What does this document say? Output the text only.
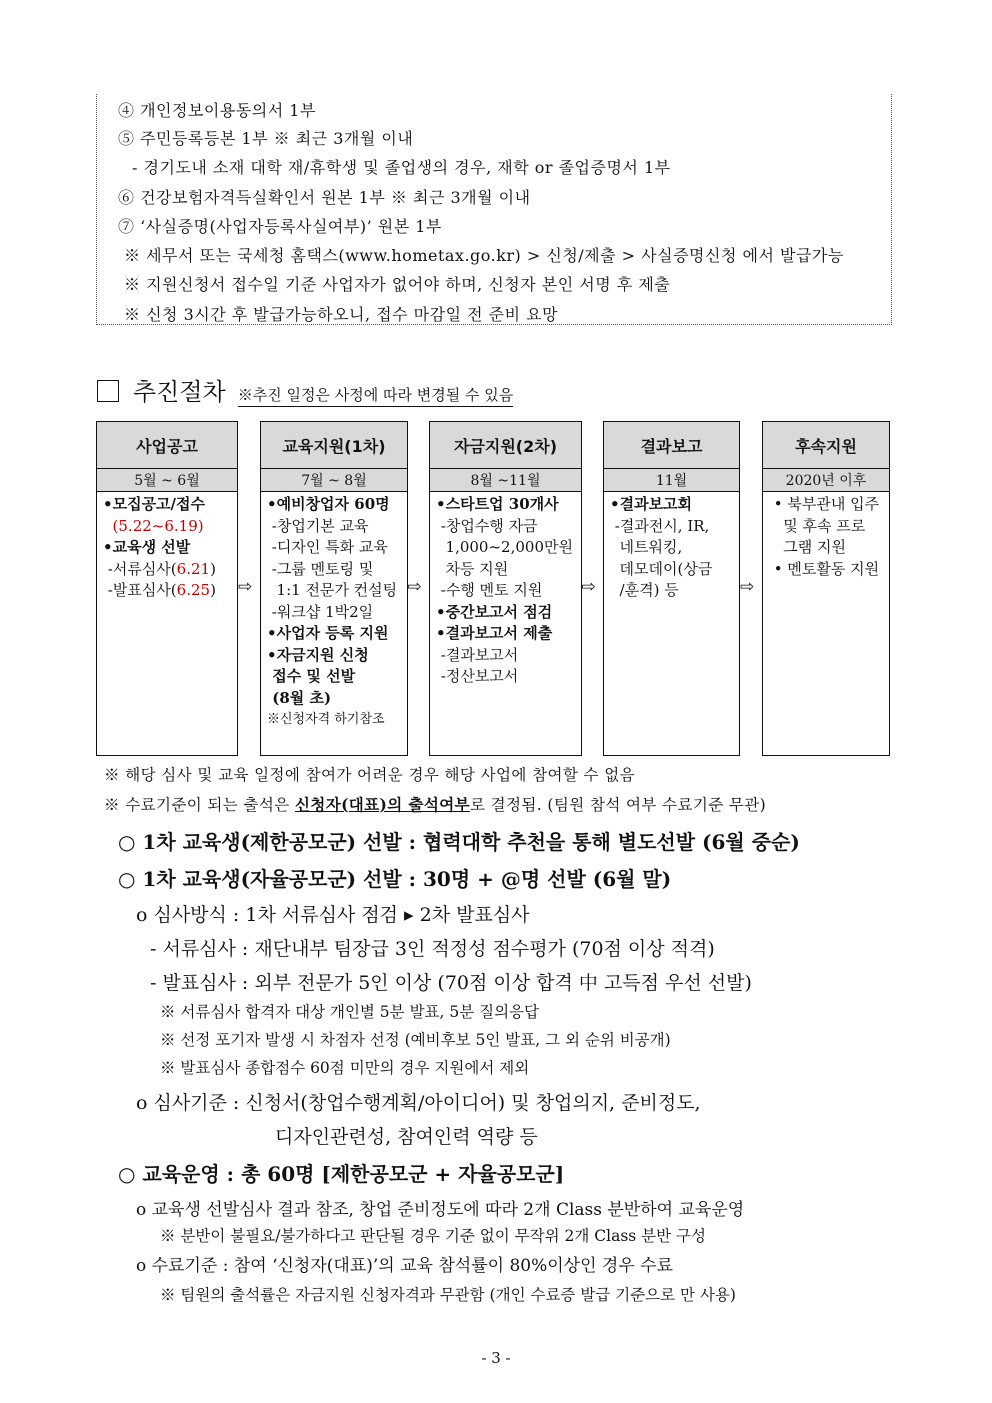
④ 개인정보이용동의서 1부
⑤ 주민등록등본 1부 ※ 최근 3개월 이내
- 경기도내 소재 대학 재/휴학생 및 졸업생의 경우, 재학 or 졸업증명서 1부
⑥ 건강보험자격득실확인서 원본 1부 ※ 최근 3개월 이내
⑦ ‘사실증명(사업자등록사실여부)’ 원본 1부
※ 세무서 또는 국세청 홈택스(www.hometax.go.kr) > 신청/제출 > 사실증명신청 에서 발급가능
※ 지원신청서 접수일 기준 사업자가 없어야 하며, 신청자 본인 서명 후 제출
※ 신청 3시간 후 발급가능하오니, 접수 마감일 전 준비 요망
추진절차 ※추진 일정은 사정에 따라 변경될 수 있음
사업공고
5월 ~ 6월
•모집공고/접수
(5.22~6.19)
•교육생 선발
-서류심사(6.21)
-발표심사(6.25)	⇨
교육지원(1차)
7월 ~ 8월
•예비창업자 60명
-창업기본 교육
-디자인 특화 교육
-그룹 멘토링 및
1:1 전문가 컨설팅
-워크샵 1박2일
•사업자 등록 지원
•자금지원 신청
접수 및 선발
(8월 초)
※신청자격 하기참조
⇨
자금지원(2차)
8월 ~11월
•스타트업 30개사
-창업수행 자금
1,000~2,000만원
차등 지원
-수행 멘토 지원
•중간보고서 점검
•결과보고서 제출
-결과보고서
-정산보고서
⇨
결과보고
11월
•결과보고회
-결과전시, IR,
네트워킹,
데모데이(상금
/훈격) 등	⇨
후속지원
2020년 이후
• 북부관내 입주
및 후속 프로
그램 지원
• 멘토활동 지원
※ 해당 심사 및 교육 일정에 참여가 어려운 경우 해당 사업에 참여할 수 없음
※ 수료기준이 되는 출석은 신청자(대표)의 출석여부로 결정됨. (팀원 참석 여부 수료기준 무관)
○ 1차 교육생(제한공모군) 선발 : 협력대학 추천을 통해 별도선발 (6월 중순)
○ 1차 교육생(자율공모군) 선발 : 30명 + @명 선발 (6월 말)
o 심사방식 : 1차 서류심사 점검 ▸ 2차 발표심사
- 서류심사 : 재단내부 팀장급 3인 적정성 점수평가 (70점 이상 적격)
- 발표심사 : 외부 전문가 5인 이상 (70점 이상 합격 中 고득점 우선 선발)
※ 서류심사 합격자 대상 개인별 5분 발표, 5분 질의응답
※ 선정 포기자 발생 시 차점자 선정 (예비후보 5인 발표, 그 외 순위 비공개)
※ 발표심사 종합점수 60점 미만의 경우 지원에서 제외
o 심사기준 : 신청서(창업수행계획/아이디어) 및 창업의지, 준비정도,
디자인관련성, 참여인력 역량 등
○ 교육운영 : 총 60명 [제한공모군 + 자율공모군]
o 교육생 선발심사 결과 참조, 창업 준비정도에 따라 2개 Class 분반하여 교육운영
※ 분반이 불필요/불가하다고 판단될 경우 기준 없이 무작위 2개 Class 분반 구성
o 수료기준 : 참여 ‘신청자(대표)’의 교육 참석률이 80%이상인 경우 수료
※ 팀원의 출석률은 자금지원 신청자격과 무관함 (개인 수료증 발급 기준으로 만 사용)
- 3 -
